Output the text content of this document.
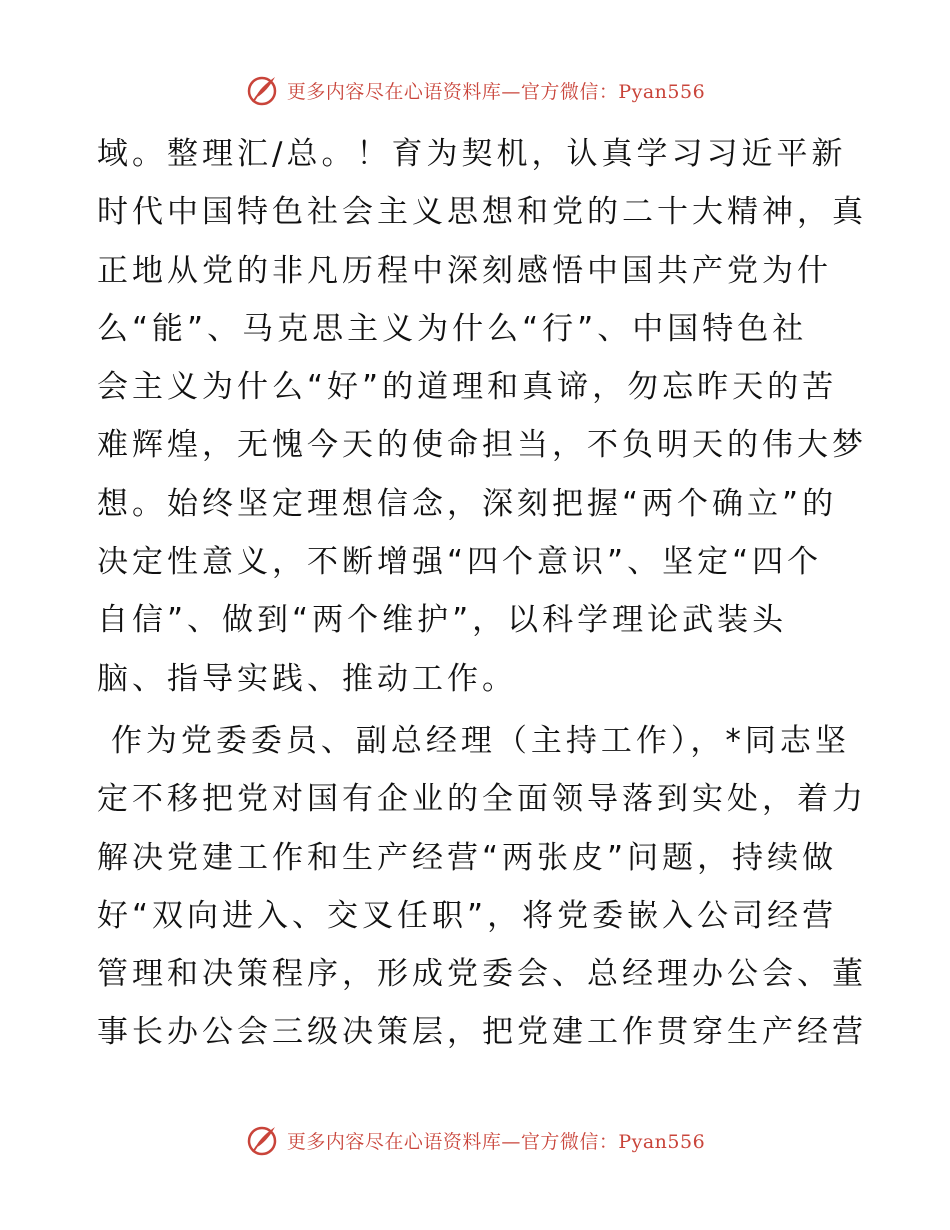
更多内容尽在心语资料库—官方微信：Pyan556
域。整理汇/总。！育为契机，认真学习习近平新
时代中国特色社会主义思想和党的二十大精神，真
正地从党的非凡历程中深刻感悟中国共产党为什
么“能”、马克思主义为什么“行”、中国特色社
会主义为什么“好”的道理和真谛，勿忘昨天的苦
难辉煌，无愧今天的使命担当，不负明天的伟大梦
想。始终坚定理想信念，深刻把握“两个确立”的
决定性意义，不断增强“四个意识”、坚定“四个
自信”、做到“两个维护”，以科学理论武装头
脑、指导实践、推动工作。
作为党委委员、副总经理（主持工作），*同志坚
定不移把党对国有企业的全面领导落到实处，着力
解决党建工作和生产经营“两张皮”问题，持续做
好“双向进入、交叉任职”，将党委嵌入公司经营
管理和决策程序，形成党委会、总经理办公会、董
事长办公会三级决策层，把党建工作贯穿生产经营
更多内容尽在心语资料库—官方微信：Pyan556
